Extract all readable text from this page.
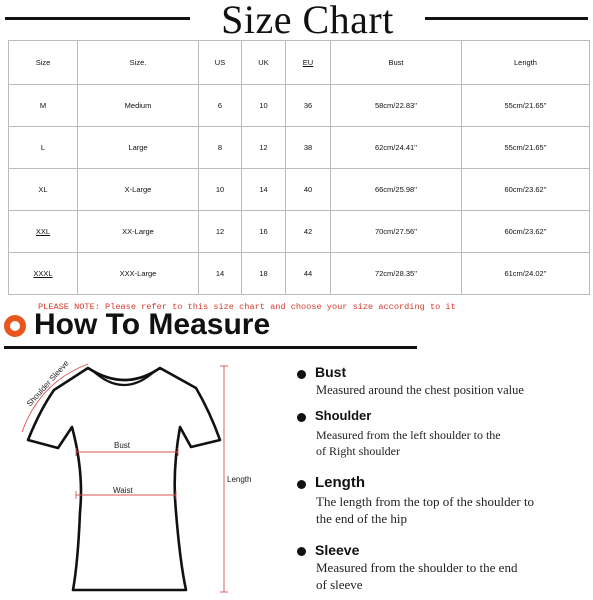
Size Chart
Size	Size.	US	UK	EU	Bust	Length
M	Medium	6	10	36	58cm/22.83''	55cm/21.65''
L	Large	8	12	38	62cm/24.41''	55cm/21.65''
XL	X-Large	10	14	40	66cm/25.98''	60cm/23.62''
XXL	XX-Large	12	16	42	70cm/27.56''	60cm/23.62''
XXXL	XXX-Large	14	18	44	72cm/28.35''	61cm/24.02''
PLEASE NOTE: Please refer to this size chart and choose your size according to it
How To Measure
Shoulder Sleeve
Bust
Waist
Length
Bust
Measured around the chest position value
Shoulder
Measured from the left shoulder to the
of Right shoulder
Length
The length from the top of the shoulder to
the end of the hip
Sleeve
Measured from the shoulder to the end
of sleeve
